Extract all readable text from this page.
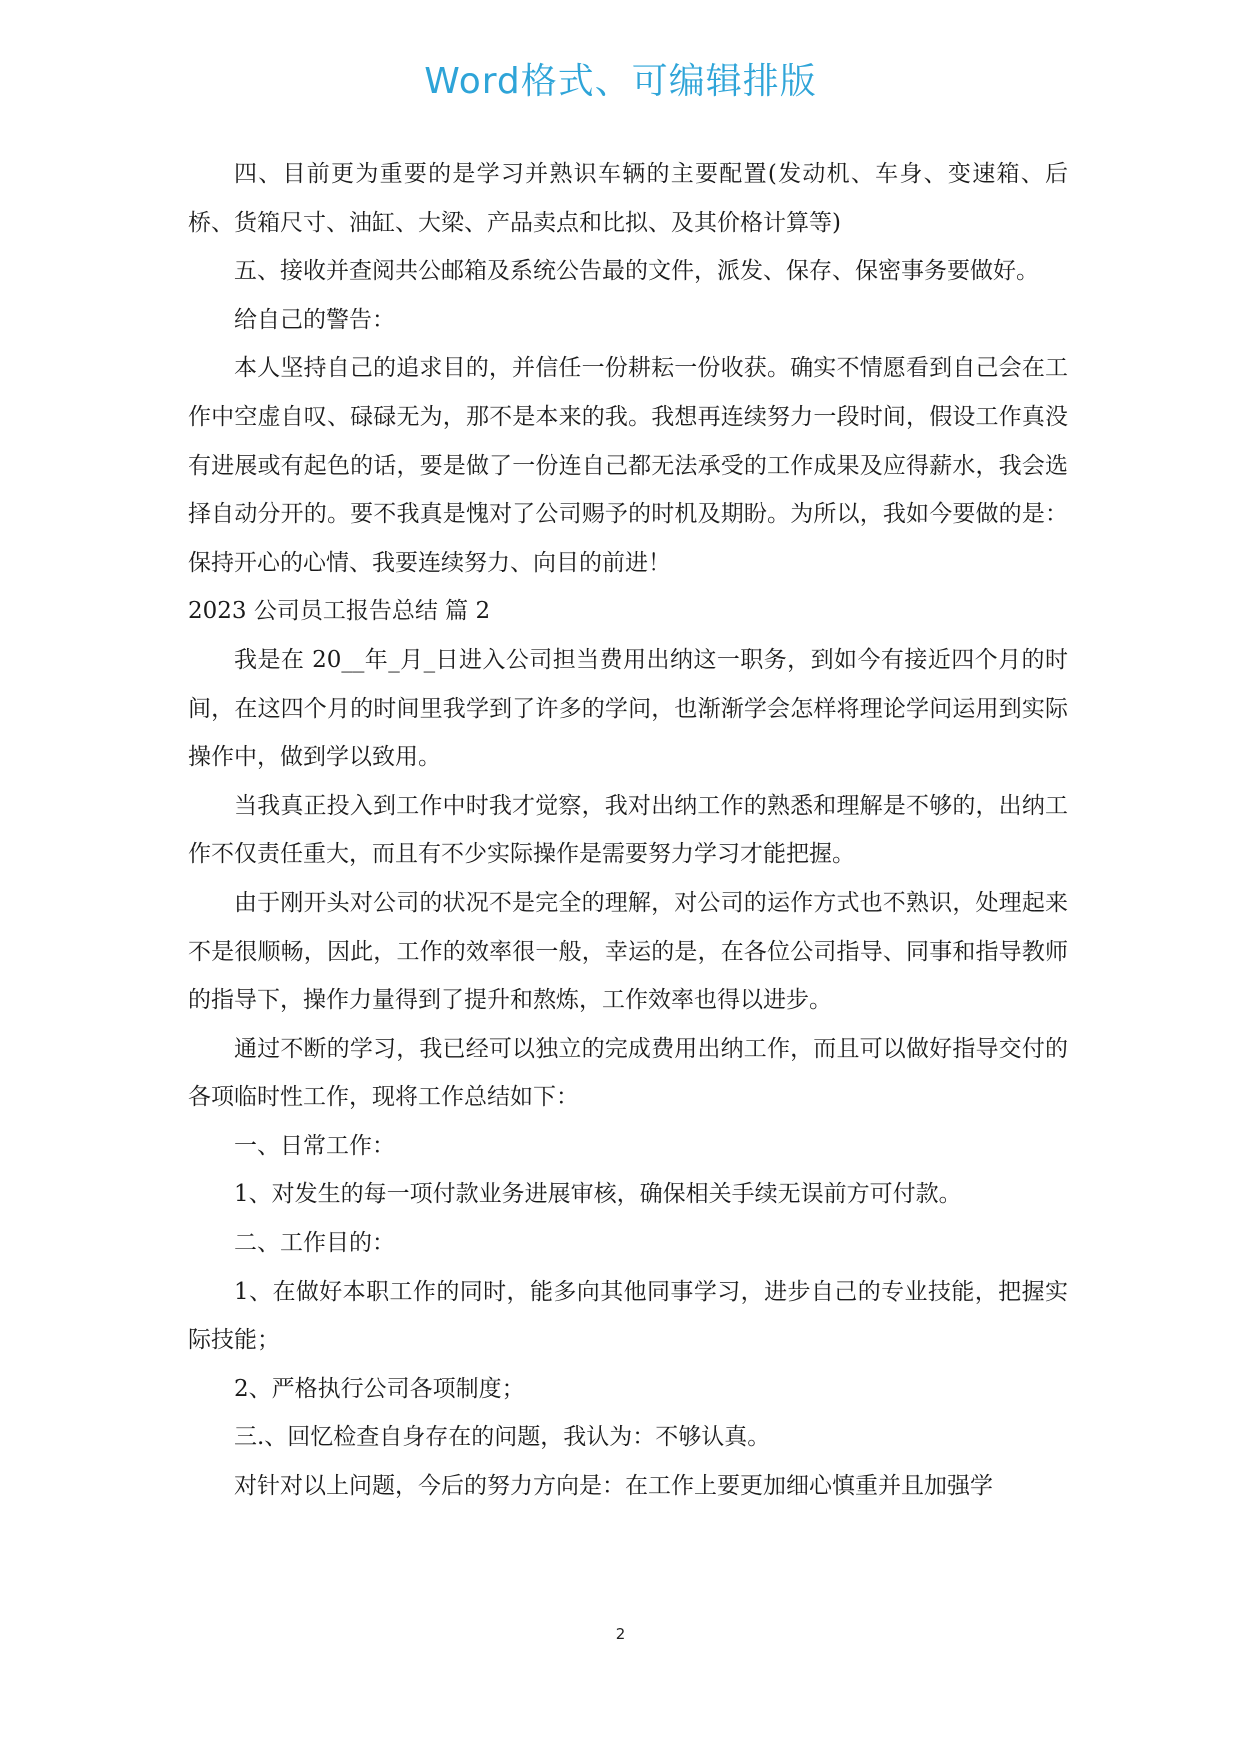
Word格式、可编辑排版

四、目前更为重要的是学习并熟识车辆的主要配置(发动机、车身、变速箱、后桥、货箱尺寸、油缸、大梁、产品卖点和比拟、及其价格计算等)

五、接收并查阅共公邮箱及系统公告最的文件，派发、保存、保密事务要做好。

给自己的警告：

本人坚持自己的追求目的，并信任一份耕耘一份收获。确实不情愿看到自己会在工作中空虚自叹、碌碌无为，那不是本来的我。我想再连续努力一段时间，假设工作真没有进展或有起色的话，要是做了一份连自己都无法承受的工作成果及应得薪水，我会选择自动分开的。要不我真是愧对了公司赐予的时机及期盼。为所以，我如今要做的是：保持开心的心情、我要连续努力、向目的前进！

2023 公司员工报告总结 篇 2

我是在 20__年_月_日进入公司担当费用出纳这一职务，到如今有接近四个月的时间，在这四个月的时间里我学到了许多的学问，也渐渐学会怎样将理论学问运用到实际操作中，做到学以致用。

当我真正投入到工作中时我才觉察，我对出纳工作的熟悉和理解是不够的，出纳工作不仅责任重大，而且有不少实际操作是需要努力学习才能把握。

由于刚开头对公司的状况不是完全的理解，对公司的运作方式也不熟识，处理起来不是很顺畅，因此，工作的效率很一般，幸运的是，在各位公司指导、同事和指导教师的指导下，操作力量得到了提升和熬炼，工作效率也得以进步。

通过不断的学习，我已经可以独立的完成费用出纳工作，而且可以做好指导交付的各项临时性工作，现将工作总结如下：

一、日常工作：

1、对发生的每一项付款业务进展审核，确保相关手续无误前方可付款。

二、工作目的：

1、在做好本职工作的同时，能多向其他同事学习，进步自己的专业技能，把握实际技能；

2、严格执行公司各项制度；

三.、回忆检查自身存在的问题，我认为：不够认真。

对针对以上问题，今后的努力方向是：在工作上要更加细心慎重并且加强学

2
